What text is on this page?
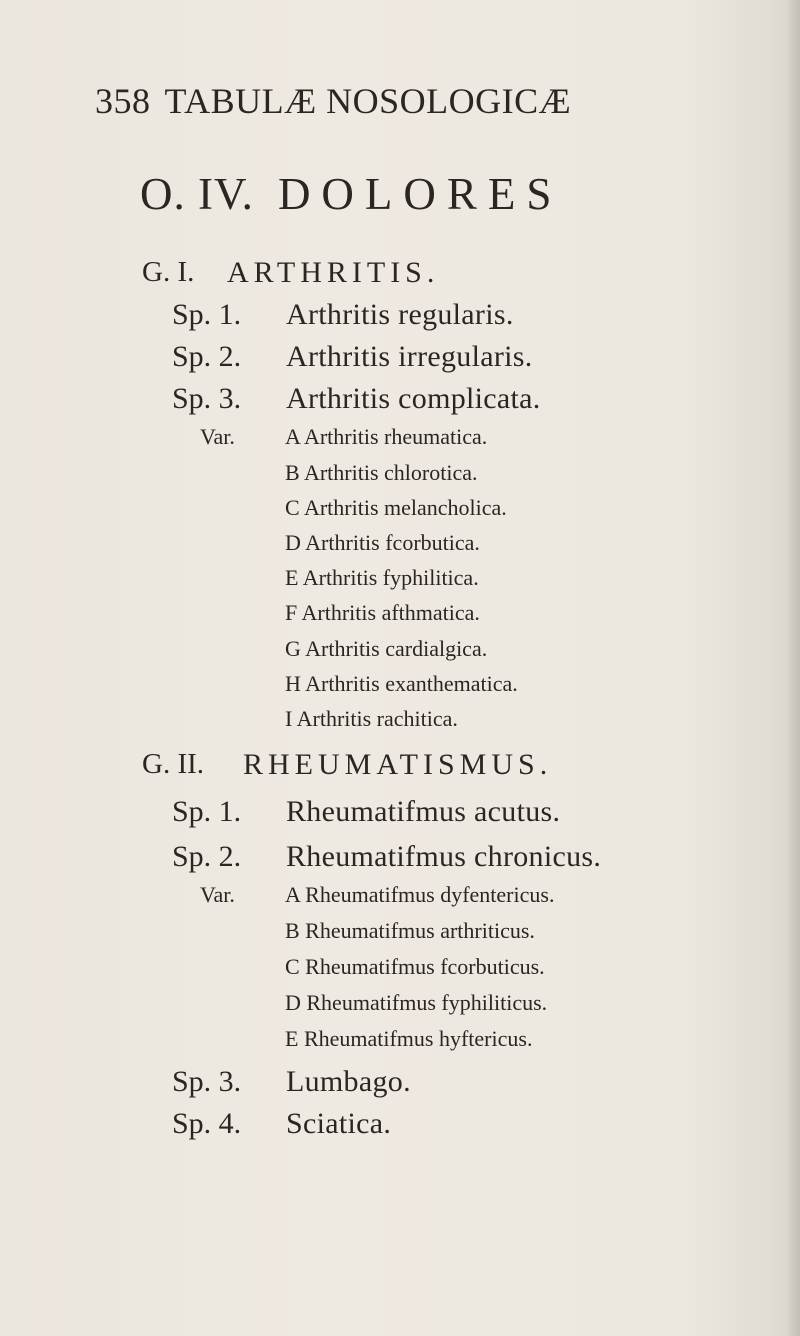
358 TABULÆ NOSOLOGICÆ
O. IV. DOLORES
G. I. ARTHRITIS.
Sp. 1. Arthritis regularis.
Sp. 2. Arthritis irregularis.
Sp. 3. Arthritis complicata.
Var. A Arthritis rheumatica.
B Arthritis chlorotica.
C Arthritis melancholica.
D Arthritis fcorbutica.
E Arthritis fyphilitica.
F Arthritis afthmatica.
G Arthritis cardialgica.
H Arthritis exanthematica.
I Arthritis rachitica.
G. II. RHEUMATISMUS.
Sp. 1. Rheumatifmus acutus.
Sp. 2. Rheumatifmus chronicus.
Var. A Rheumatifmus dyfentericus.
B Rheumatifmus arthriticus.
C Rheumatifmus fcorbuticus.
D Rheumatifmus fyphiliticus.
E Rheumatifmus hyftericus.
Sp. 3. Lumbago.
Sp. 4. Sciatica.
